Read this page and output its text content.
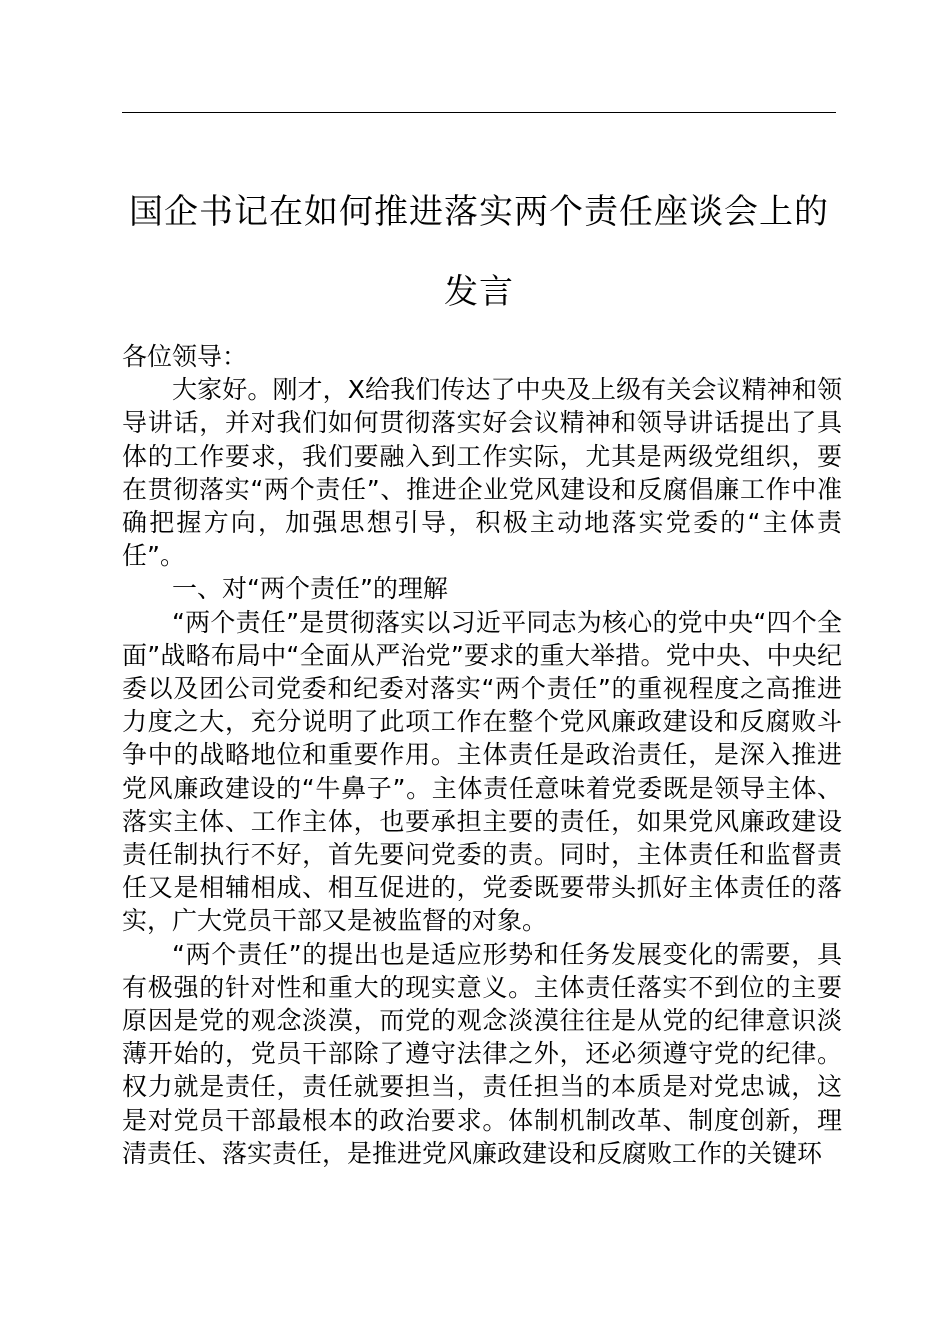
国企书记在如何推进落实两个责任座谈会上的
发言

各位领导：

大家好。刚才，X给我们传达了中央及上级有关会议精神和领导讲话，并对我们如何贯彻落实好会议精神和领导讲话提出了具体的工作要求，我们要融入到工作实际，尤其是两级党组织，要在贯彻落实“两个责任”、推进企业党风建设和反腐倡廉工作中准确把握方向，加强思想引导，积极主动地落实党委的“主体责任”。

一、对“两个责任”的理解

“两个责任”是贯彻落实以习近平同志为核心的党中央“四个全面”战略布局中“全面从严治党”要求的重大举措。党中央、中央纪委以及团公司党委和纪委对落实“两个责任”的重视程度之高推进力度之大，充分说明了此项工作在整个党风廉政建设和反腐败斗争中的战略地位和重要作用。主体责任是政治责任，是深入推进党风廉政建设的“牛鼻子”。主体责任意味着党委既是领导主体、落实主体、工作主体，也要承担主要的责任，如果党风廉政建设责任制执行不好，首先要问党委的责。同时，主体责任和监督责任又是相辅相成、相互促进的，党委既要带头抓好主体责任的落实，广大党员干部又是被监督的对象。

“两个责任”的提出也是适应形势和任务发展变化的需要，具有极强的针对性和重大的现实意义。主体责任落实不到位的主要原因是党的观念淡漠，而党的观念淡漠往往是从党的纪律意识淡薄开始的，党员干部除了遵守法律之外，还必须遵守党的纪律。权力就是责任，责任就要担当，责任担当的本质是对党忠诚，这是对党员干部最根本的政治要求。体制机制改革、制度创新，理清责任、落实责任，是推进党风廉政建设和反腐败工作的关键环
